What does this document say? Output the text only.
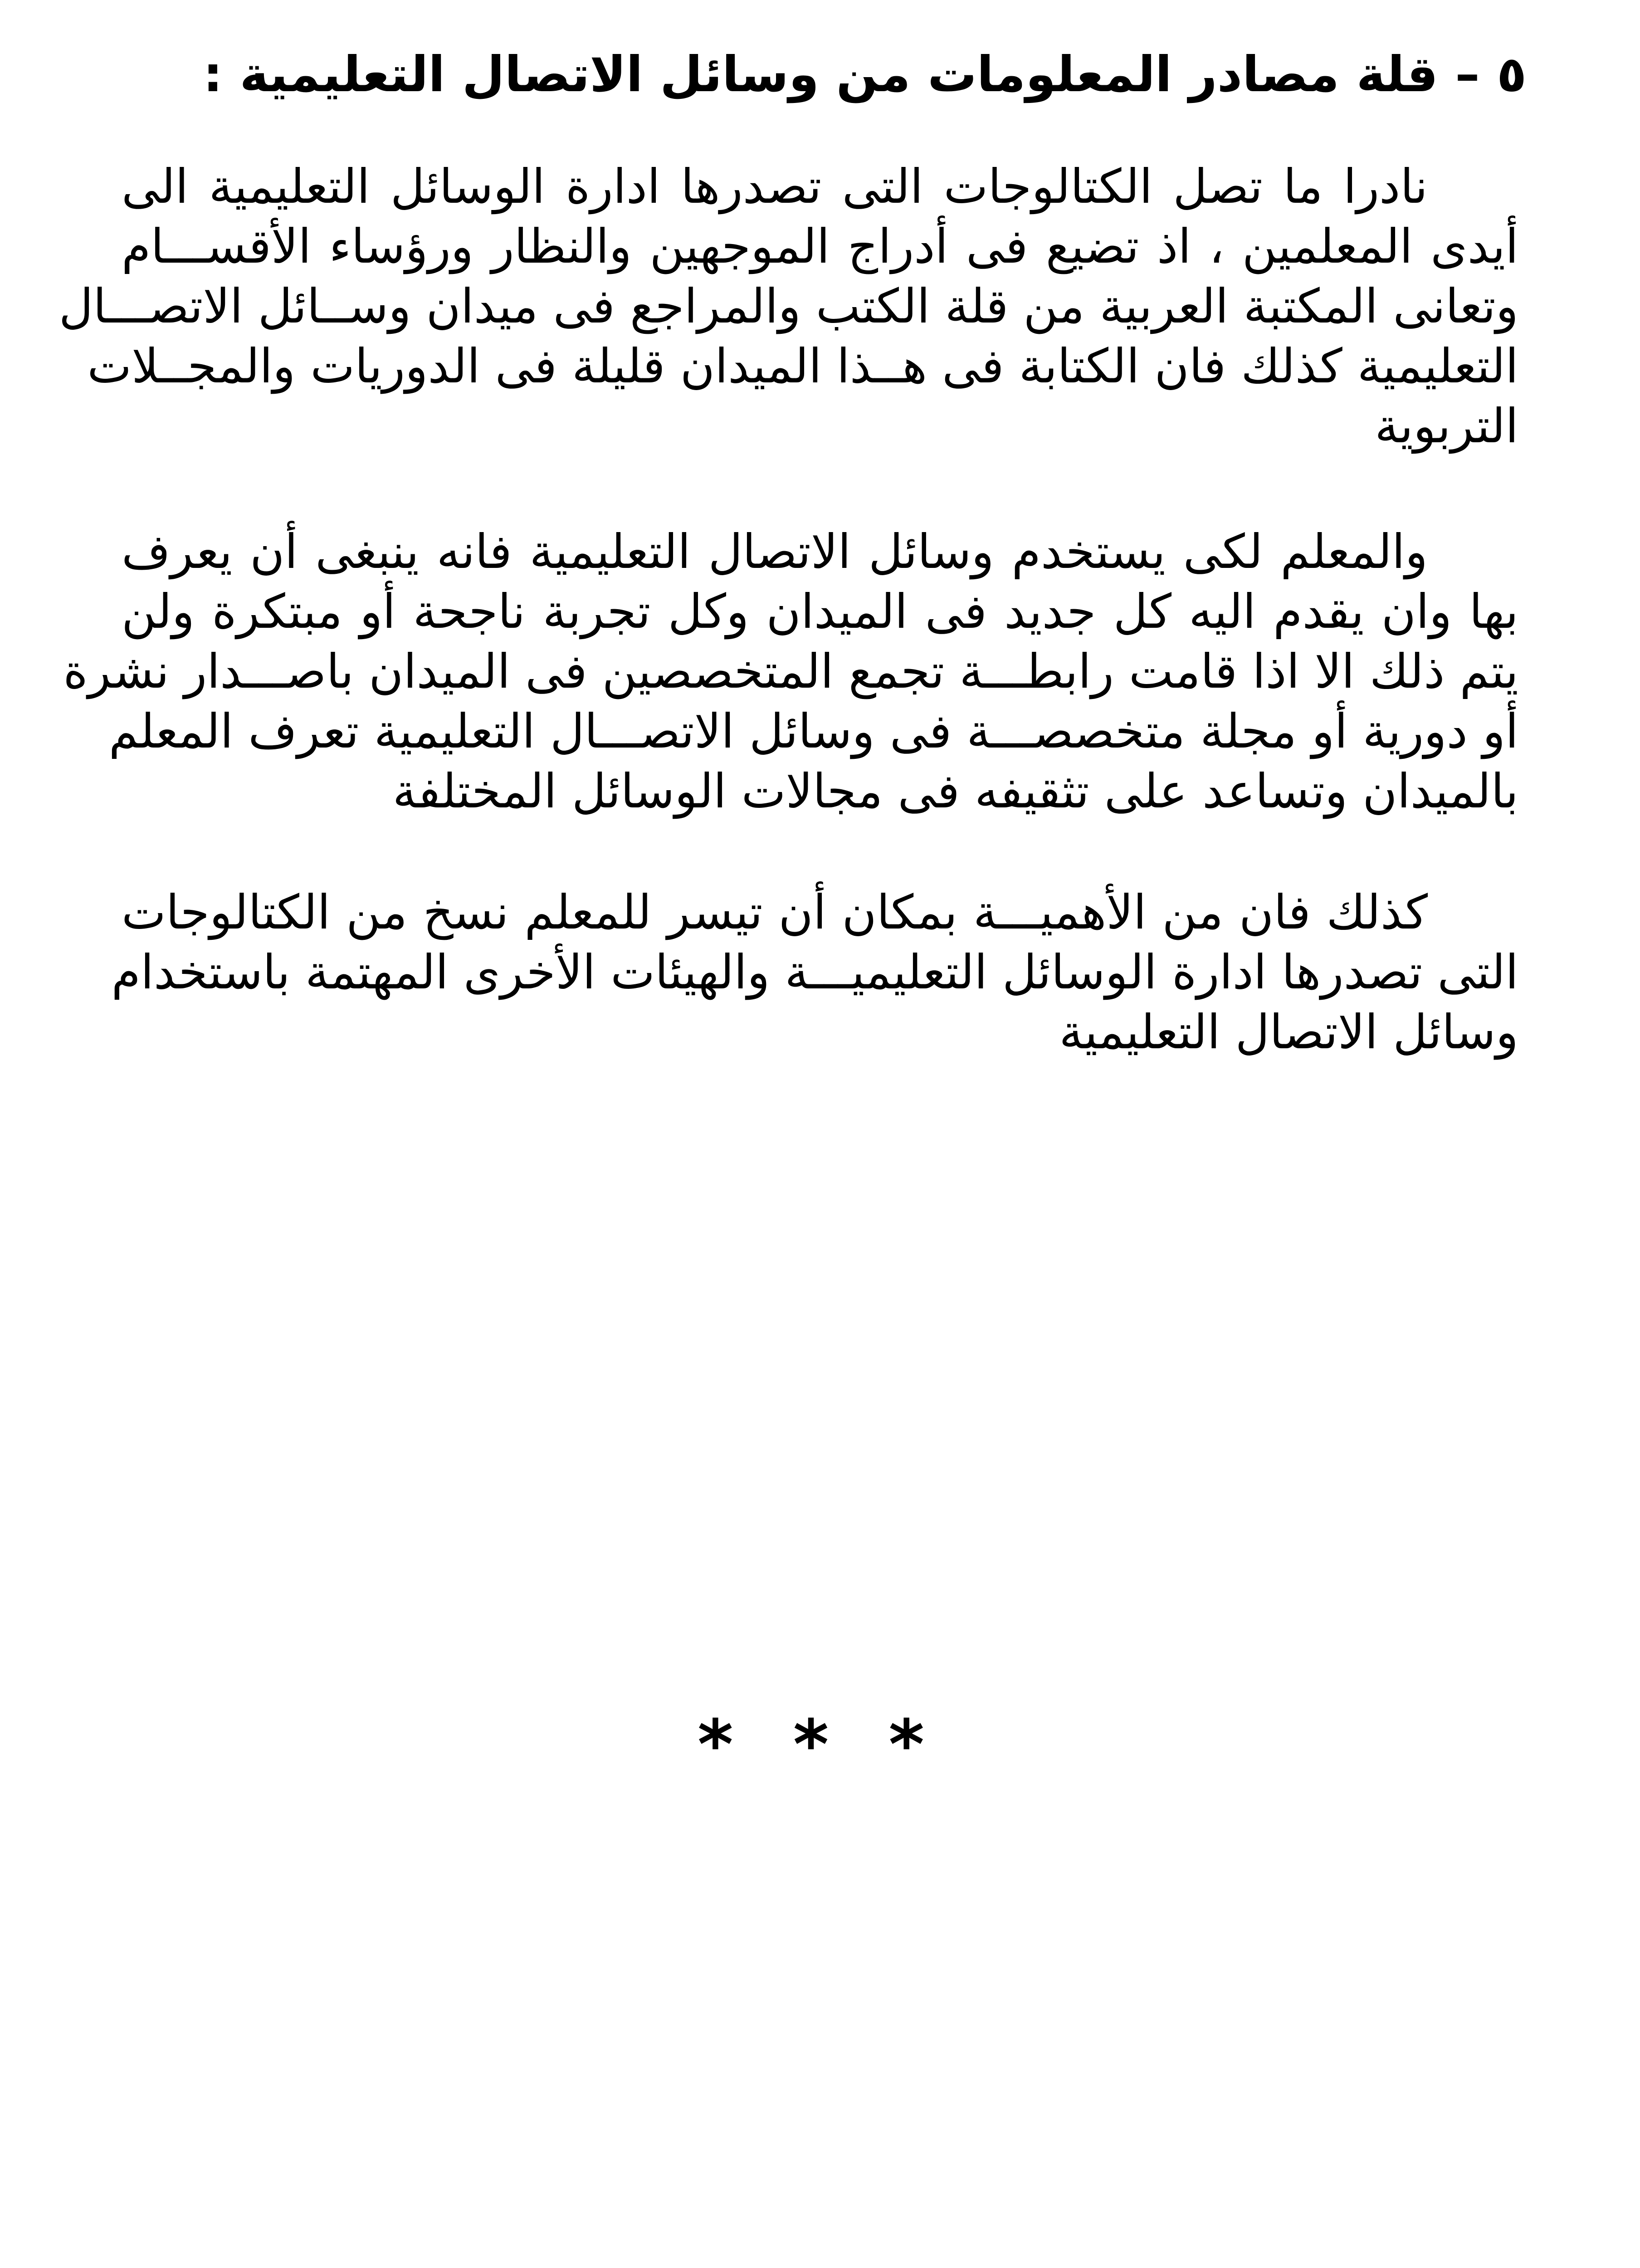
٥ – قلة مصادر المعلومات من وسائل الاتصال التعليمية :

نادرا ما تصل الكتالوجات التى تصدرها ادارة الوسائل التعليمية الى
أيدى المعلمين ، اذ تضيع فى أدراج الموجهين والنظار ورؤساء الأقســـام
وتعانى المكتبة العربية من قلة الكتب والمراجع فى ميدان وســائل الاتصـــال
التعليمية كذلك فان الكتابة فى هــذا الميدان قليلة فى الدوريات والمجــلات
التربوية

والمعلم لكى يستخدم وسائل الاتصال التعليمية فانه ينبغى أن يعرف
بها وان يقدم اليه كل جديد فى الميدان وكل تجربة ناجحة أو مبتكرة ولن
يتم ذلك الا اذا قامت رابطـــة تجمع المتخصصين فى الميدان باصـــدار نشرة
أو دورية أو مجلة متخصصـــة فى وسائل الاتصـــال التعليمية تعرف المعلم
بالميدان وتساعد على تثقيفه فى مجالات الوسائل المختلفة

كذلك فان من الأهميـــة بمكان أن تيسر للمعلم نسخ من الكتالوجات
التى تصدرها ادارة الوسائل التعليميـــة والهيئات الأخرى المهتمة باستخدام
وسائل الاتصال التعليمية

* * *
